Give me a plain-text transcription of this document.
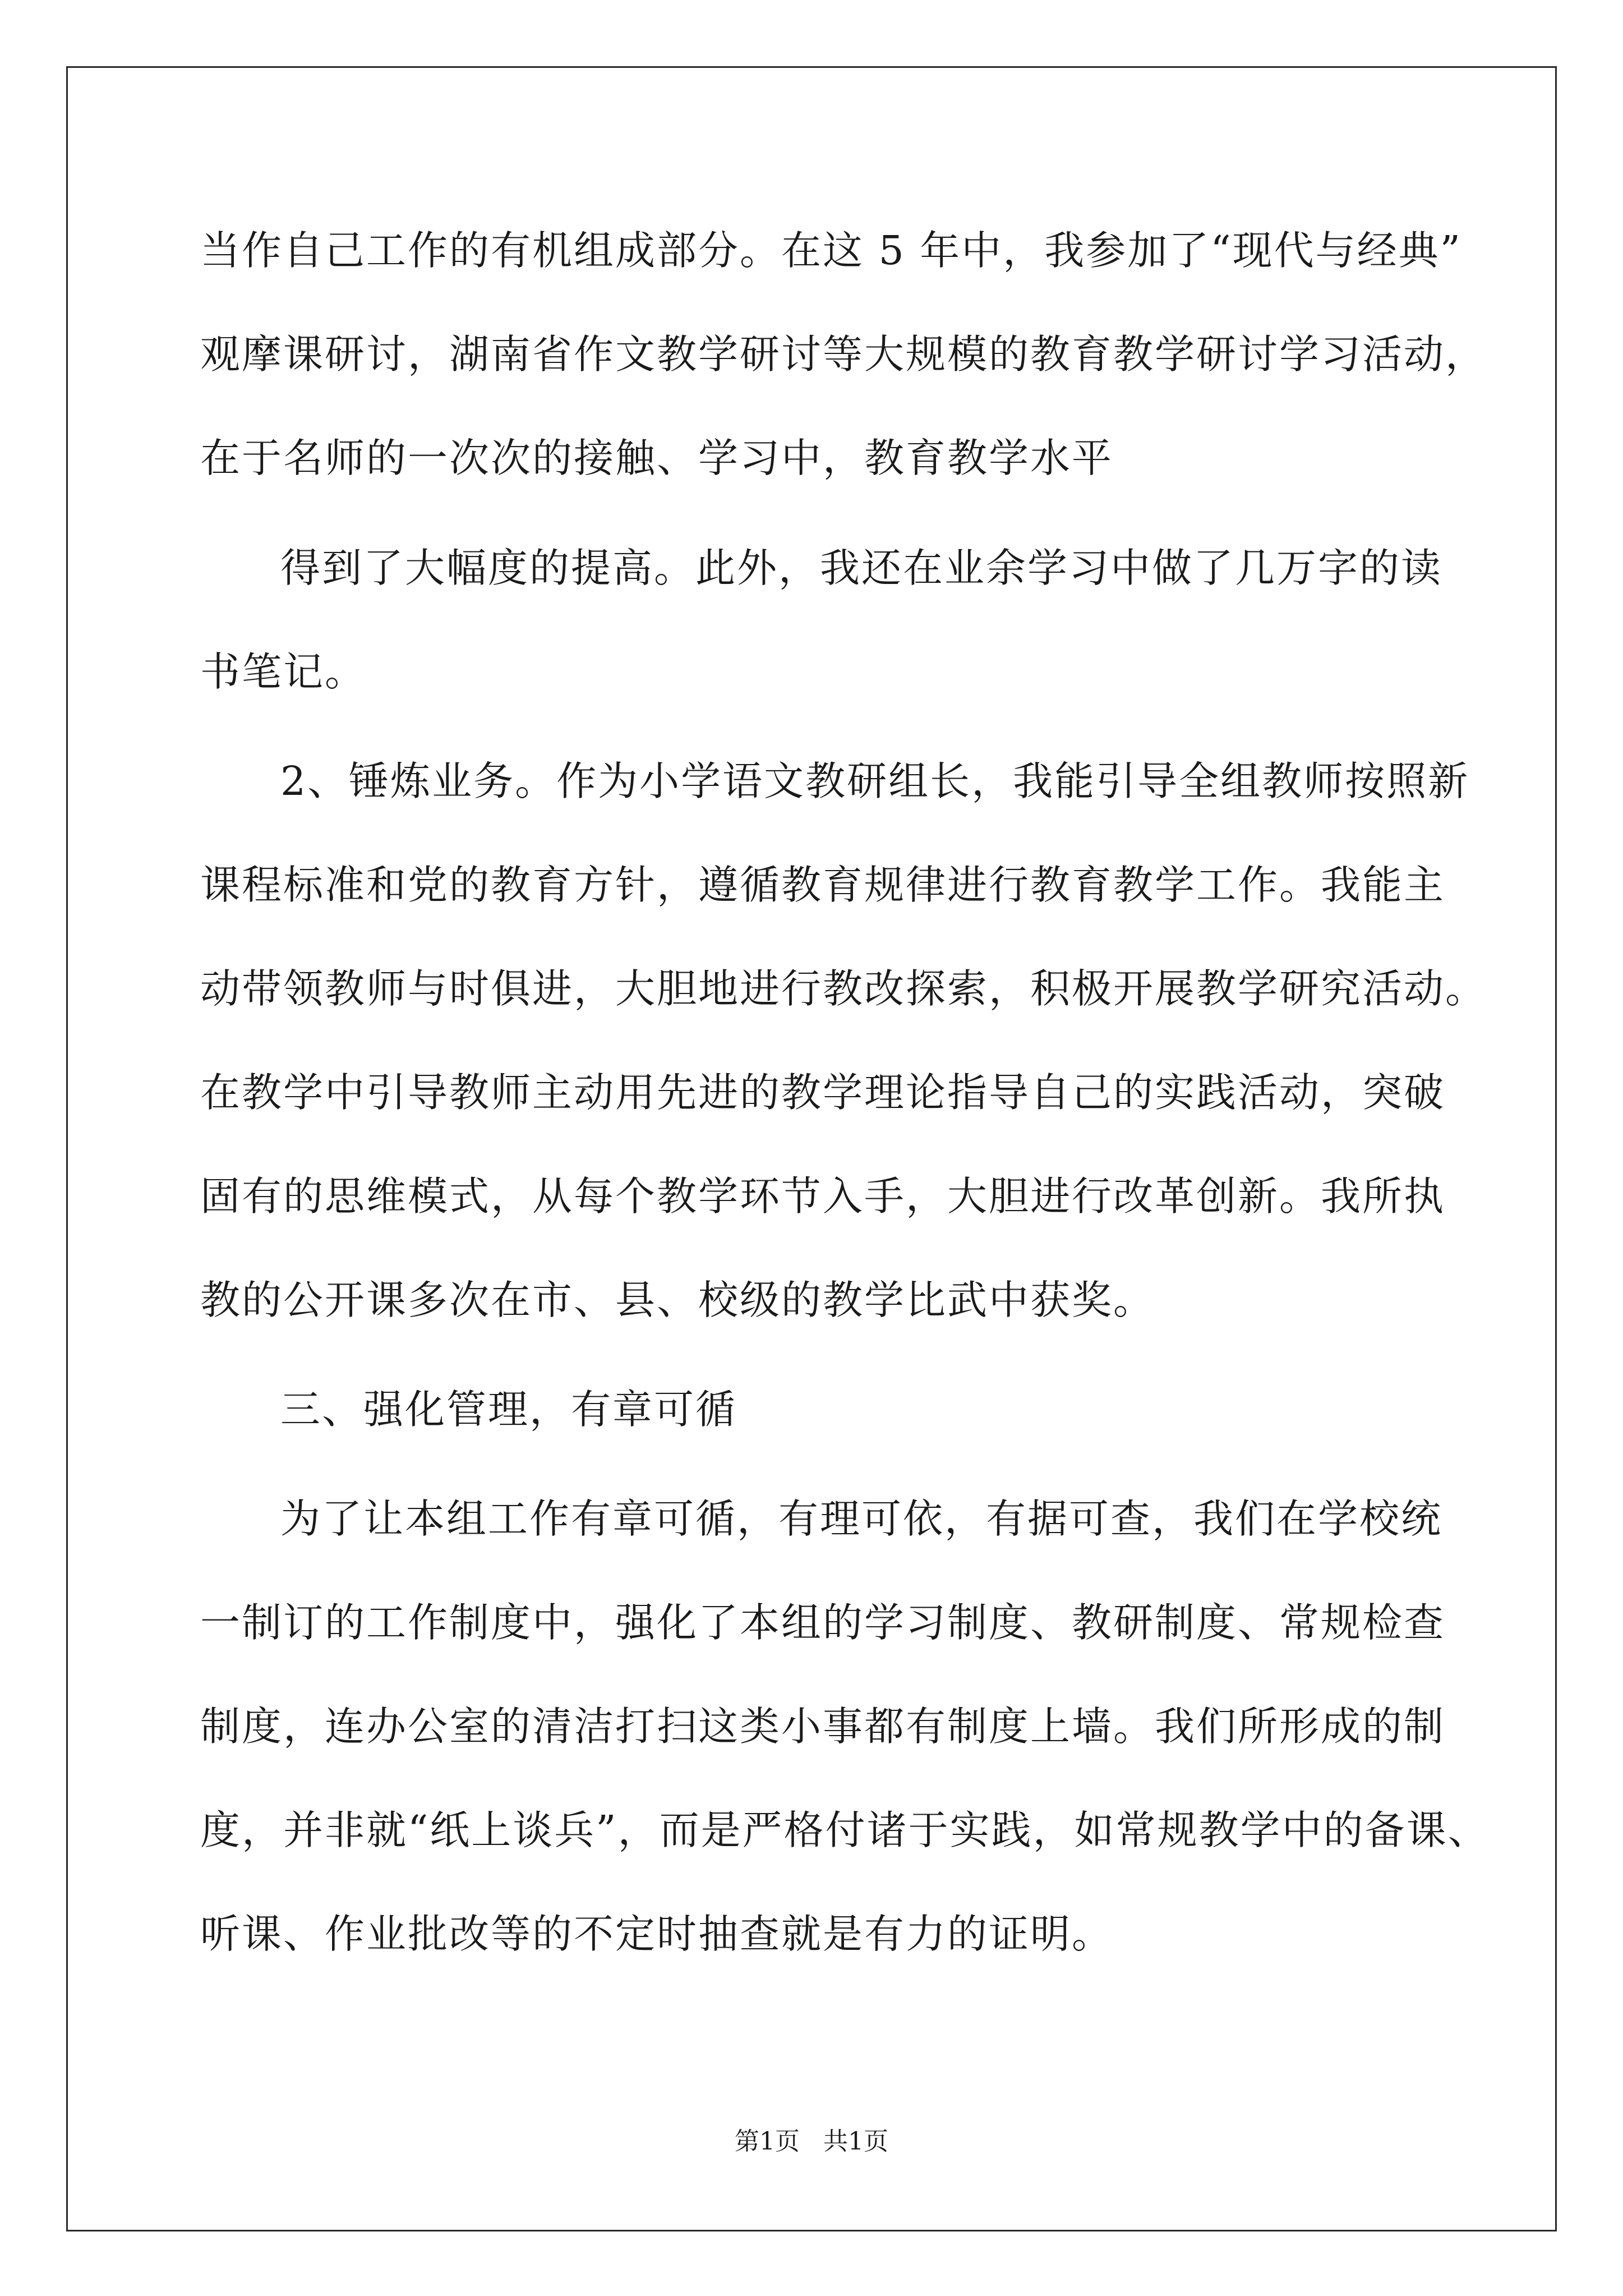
当作自己工作的有机组成部分。在这 5 年中，我参加了“现代与经典”
观摩课研讨，湖南省作文教学研讨等大规模的教育教学研讨学习活动，
在于名师的一次次的接触、学习中，教育教学水平
得到了大幅度的提高。此外，我还在业余学习中做了几万字的读
书笔记。
2、锤炼业务。作为小学语文教研组长，我能引导全组教师按照新
课程标准和党的教育方针，遵循教育规律进行教育教学工作。我能主
动带领教师与时俱进，大胆地进行教改探索，积极开展教学研究活动。
在教学中引导教师主动用先进的教学理论指导自己的实践活动，突破
固有的思维模式，从每个教学环节入手，大胆进行改革创新。我所执
教的公开课多次在市、县、校级的教学比武中获奖。
三、强化管理，有章可循
为了让本组工作有章可循，有理可依，有据可查，我们在学校统
一制订的工作制度中，强化了本组的学习制度、教研制度、常规检查
制度，连办公室的清洁打扫这类小事都有制度上墙。我们所形成的制
度，并非就“纸上谈兵”，而是严格付诸于实践，如常规教学中的备课、
听课、作业批改等的不定时抽查就是有力的证明。
第1页   共1页
